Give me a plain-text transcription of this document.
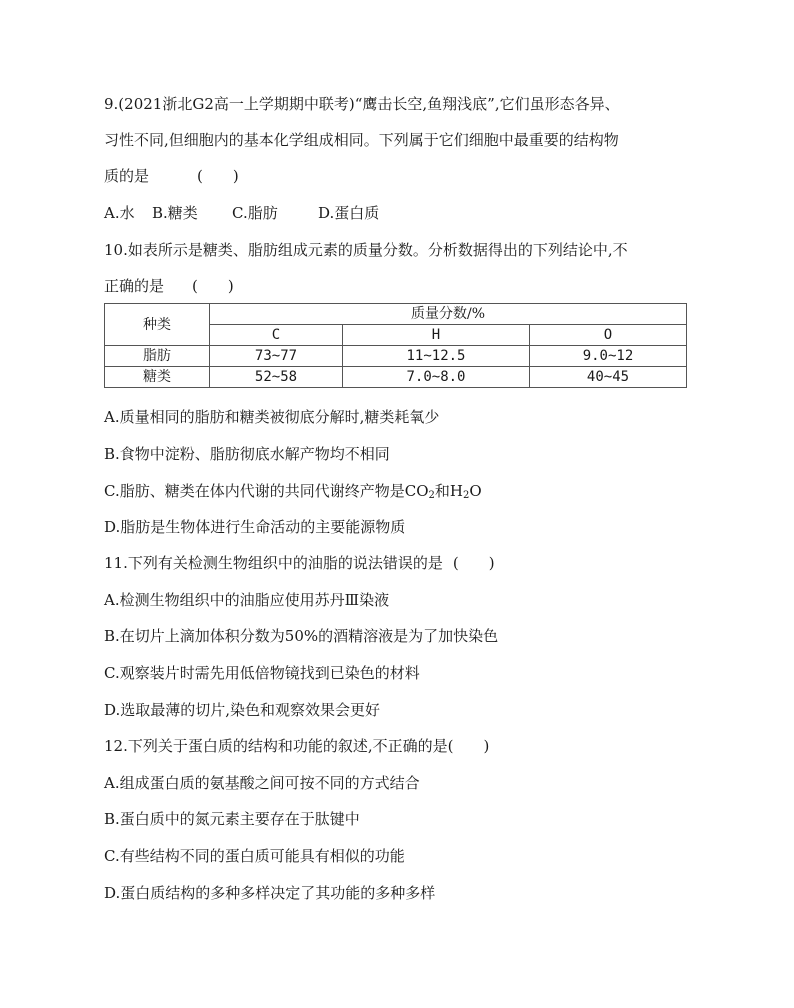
9.(2021浙北G2高一上学期期中联考)“鹰击长空,鱼翔浅底”,它们虽形态各异、
习性不同,但细胞内的基本化学组成相同。下列属于它们细胞中最重要的结构物
质的是	(　　)
A.水 B.糖类 C.脂肪	D.蛋白质
10.如表所示是糖类、脂肪组成元素的质量分数。分析数据得出的下列结论中,不
正确的是 (　　)
种类	质量分数/%		
	C	H	O
脂肪	73~77	11~12.5	9.0~12
糖类	52~58	7.0~8.0	40~45
A.质量相同的脂肪和糖类被彻底分解时,糖类耗氧少
B.食物中淀粉、脂肪彻底水解产物均不相同
C.脂肪、糖类在体内代谢的共同代谢终产物是$CO_2$和$H_2O$
D.脂肪是生物体进行生命活动的主要能源物质
11.下列有关检测生物组织中的油脂的说法错误的是 (　　)
A.检测生物组织中的油脂应使用苏丹Ⅲ染液
B.在切片上滴加体积分数为50%的酒精溶液是为了加快染色
C.观察装片时需先用低倍物镜找到已染色的材料
D.选取最薄的切片,染色和观察效果会更好
12.下列关于蛋白质的结构和功能的叙述,不正确的是(　　)
A.组成蛋白质的氨基酸之间可按不同的方式结合
B.蛋白质中的氮元素主要存在于肽键中
C.有些结构不同的蛋白质可能具有相似的功能
D.蛋白质结构的多种多样决定了其功能的多种多样
